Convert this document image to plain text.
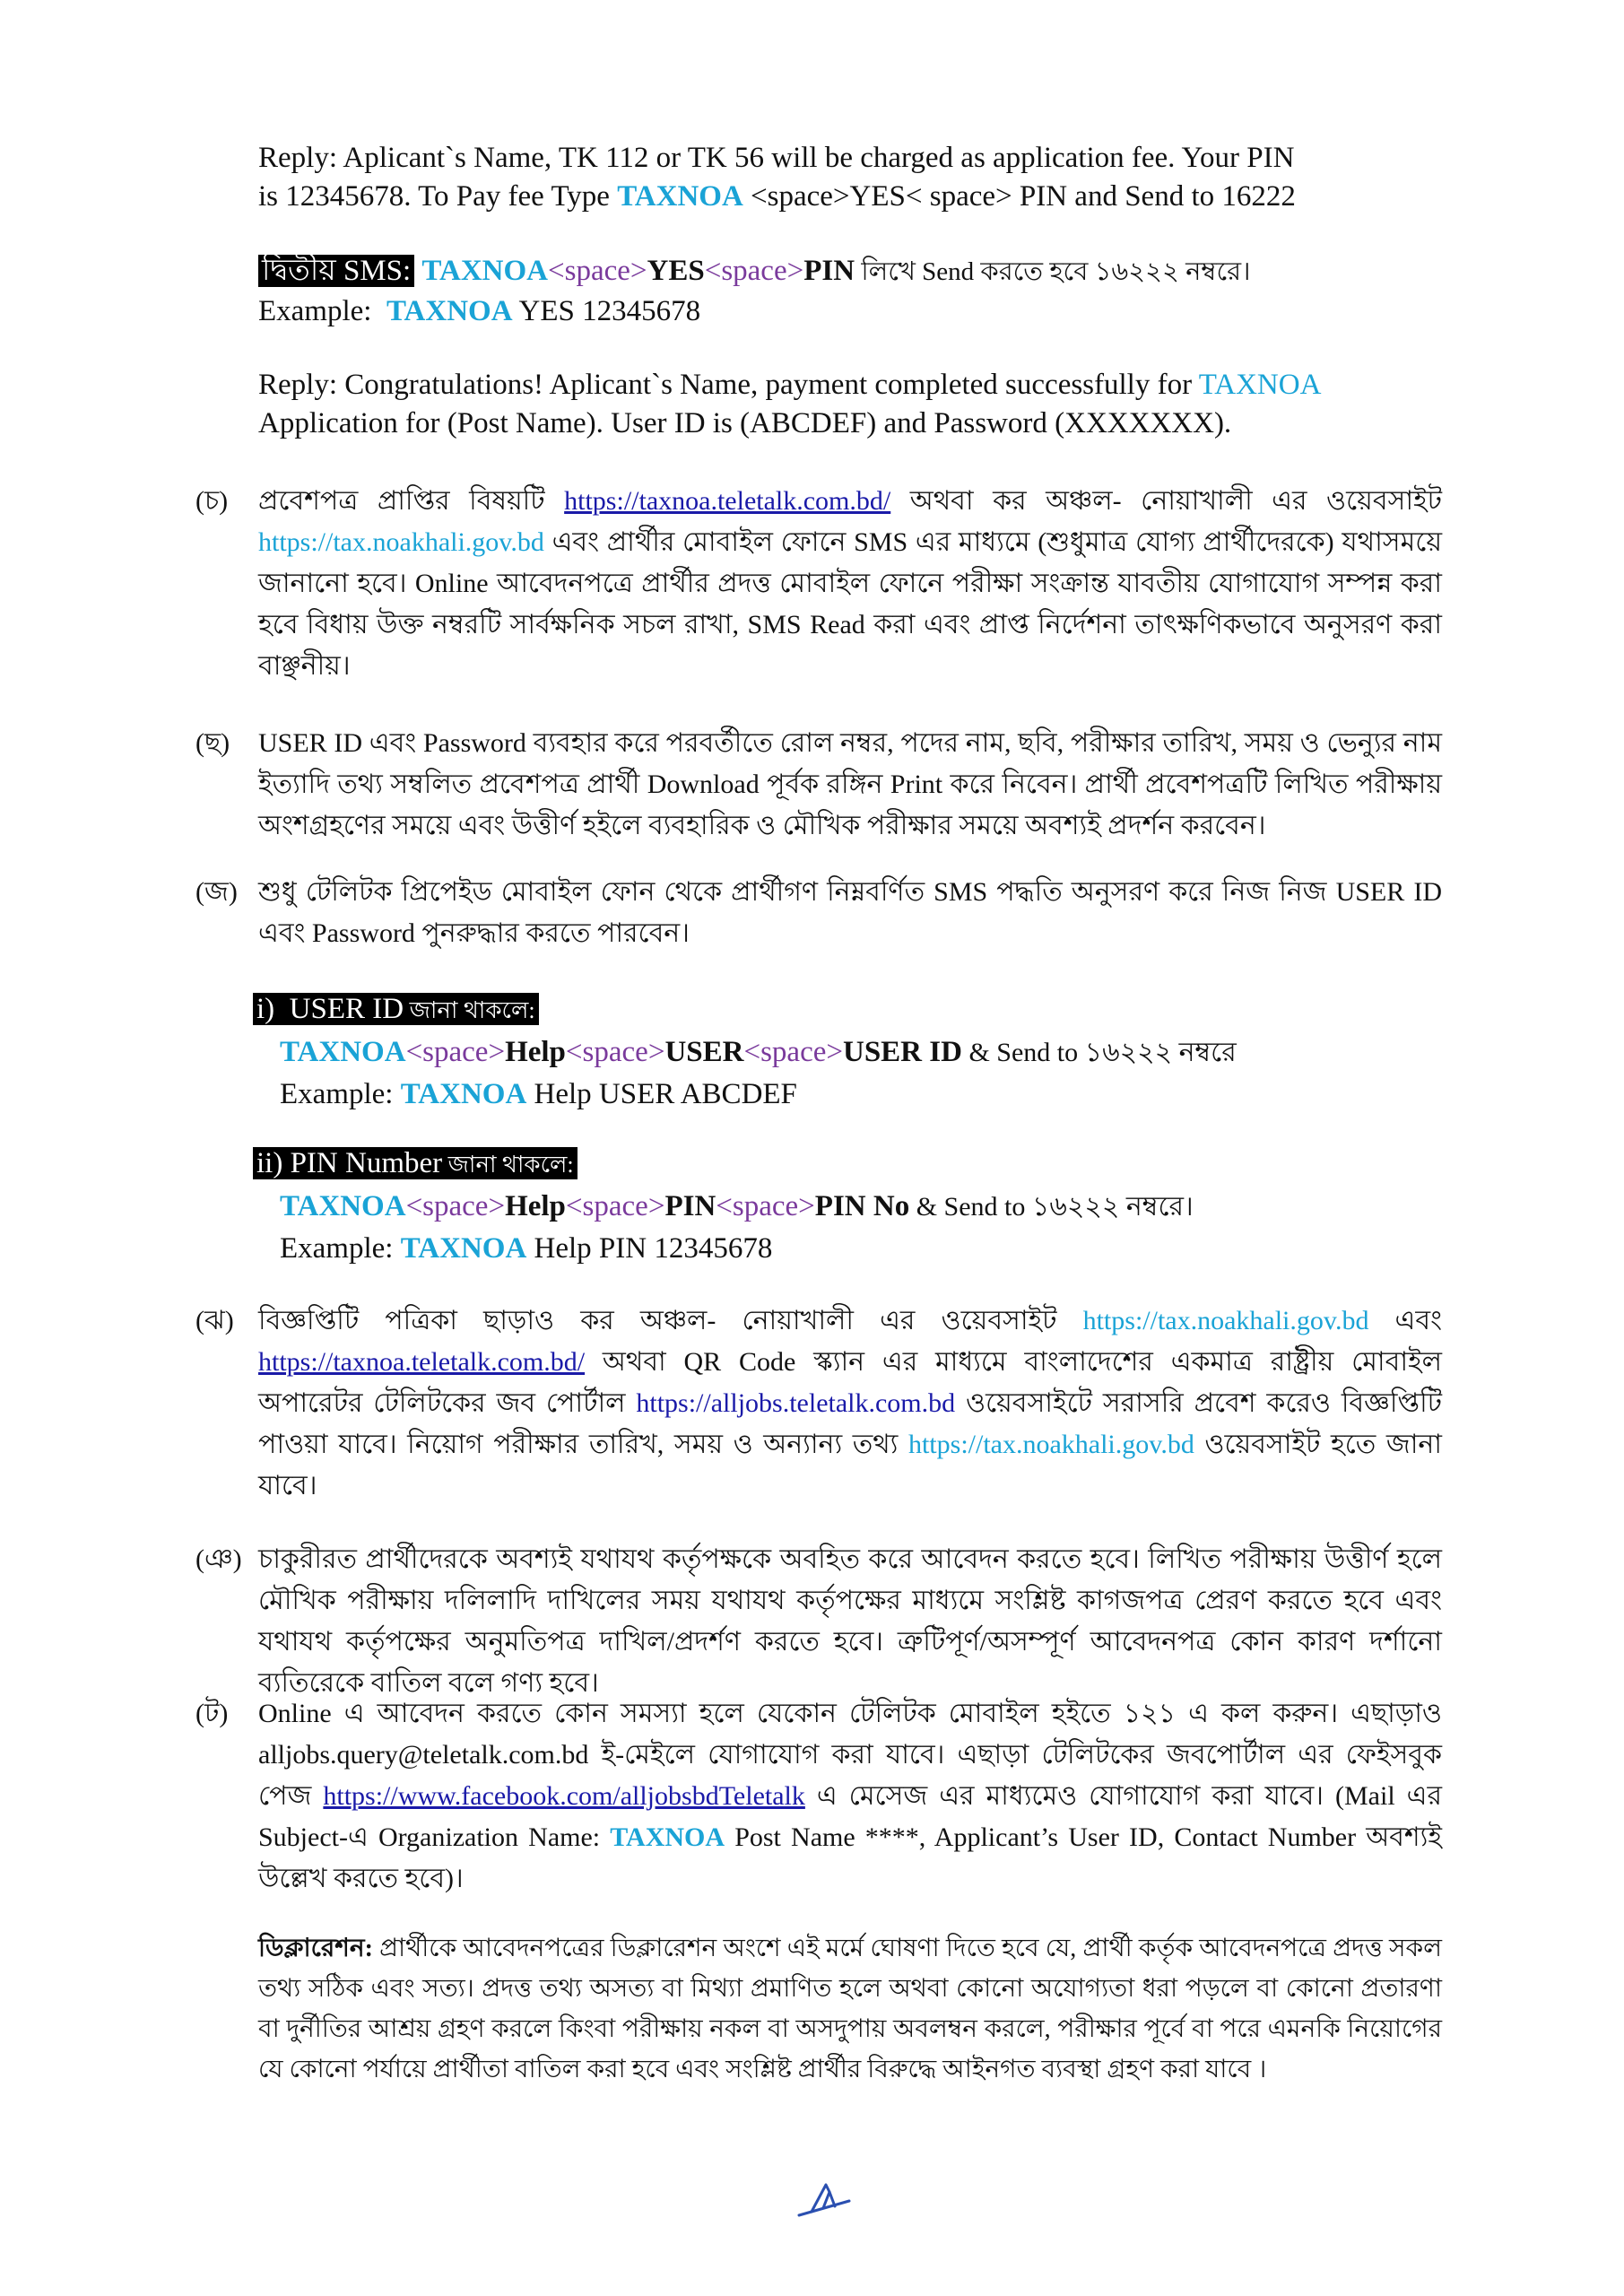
Reply: Aplicant`s Name, TK 112 or TK 56 will be charged as application fee. Your PIN
is 12345678. To Pay fee Type TAXNOA <space>YES< space> PIN and Send to 16222
দ্বিতীয় SMS: TAXNOA<space>YES<space>PIN লিখে Send করতে হবে ১৬২২২ নম্বরে।
Example:  TAXNOA YES 12345678
Reply: Congratulations! Aplicant`s Name, payment completed successfully for TAXNOA
Application for (Post Name). User ID is (ABCDEF) and Password (XXXXXXX).
(চ)	প্রবেশপত্র প্রাপ্তির বিষয়টি https://taxnoa.teletalk.com.bd/ অথবা কর অঞ্চল- নোয়াখালী এর ওয়েবসাইট https://tax.noakhali.gov.bd এবং প্রার্থীর মোবাইল ফোনে SMS এর মাধ্যমে (শুধুমাত্র যোগ্য প্রার্থীদেরকে) যথাসময়ে জানানো হবে। Online আবেদনপত্রে প্রার্থীর প্রদত্ত মোবাইল ফোনে পরীক্ষা সংক্রান্ত যাবতীয় যোগাযোগ সম্পন্ন করা হবে বিধায় উক্ত নম্বরটি সার্বক্ষনিক সচল রাখা, SMS Read করা এবং প্রাপ্ত নির্দেশনা তাৎক্ষণিকভাবে অনুসরণ করা বাঞ্ছনীয়।
(ছ)	USER ID এবং Password ব্যবহার করে পরবর্তীতে রোল নম্বর, পদের নাম, ছবি, পরীক্ষার তারিখ, সময় ও ভেন্যুর নাম ইত্যাদি তথ্য সম্বলিত প্রবেশপত্র প্রার্থী Download পূর্বক রঙ্গিন Print করে নিবেন। প্রার্থী প্রবেশপত্রটি লিখিত পরীক্ষায় অংশগ্রহণের সময়ে এবং উত্তীর্ণ হইলে ব্যবহারিক ও মৌখিক পরীক্ষার সময়ে অবশ্যই প্রদর্শন করবেন।
(জ) শুধু টেলিটক প্রিপেইড মোবাইল ফোন থেকে প্রার্থীগণ নিম্নবর্ণিত SMS পদ্ধতি অনুসরণ করে নিজ নিজ USER ID এবং Password পুনরুদ্ধার করতে পারবেন।
i)  USER ID জানা থাকলে:
TAXNOA<space>Help<space>USER<space>USER ID & Send to ১৬২২২ নম্বরে
Example: TAXNOA Help USER ABCDEF
ii) PIN Number জানা থাকলে:
TAXNOA<space>Help<space>PIN<space>PIN No & Send to ১৬২২২ নম্বরে।
Example: TAXNOA Help PIN 12345678
(ঝ) বিজ্ঞপ্তিটি পত্রিকা ছাড়াও কর অঞ্চল- নোয়াখালী এর ওয়েবসাইট https://tax.noakhali.gov.bd এবং https://taxnoa.teletalk.com.bd/ অথবা QR Code স্ক্যান এর মাধ্যমে বাংলাদেশের একমাত্র রাষ্ট্রীয় মোবাইল অপারেটর টেলিটকের জব পোর্টাল https://alljobs.teletalk.com.bd ওয়েবসাইটে সরাসরি প্রবেশ করেও বিজ্ঞপ্তিটি পাওয়া যাবে। নিয়োগ পরীক্ষার তারিখ, সময় ও অন্যান্য তথ্য https://tax.noakhali.gov.bd ওয়েবসাইট হতে জানা যাবে।
(ঞ) চাকুরীরত প্রার্থীদেরকে অবশ্যই যথাযথ কর্তৃপক্ষকে অবহিত করে আবেদন করতে হবে। লিখিত পরীক্ষায় উত্তীর্ণ হলে মৌখিক পরীক্ষায় দলিলাদি দাখিলের সময় যথাযথ কর্তৃপক্ষের মাধ্যমে সংশ্লিষ্ট কাগজপত্র প্রেরণ করতে হবে এবং যথাযথ কর্তৃপক্ষের অনুমতিপত্র দাখিল/প্রদর্শণ করতে হবে। ত্রুটিপূর্ণ/অসম্পূর্ণ আবেদনপত্র কোন কারণ দর্শানো ব্যতিরেকে বাতিল বলে গণ্য হবে।
(ট)	Online এ আবেদন করতে কোন সমস্যা হলে যেকোন টেলিটক মোবাইল হইতে ১২১ এ কল করুন। এছাড়াও alljobs.query@teletalk.com.bd ই-মেইলে যোগাযোগ করা যাবে। এছাড়া টেলিটকের জবপোর্টাল এর ফেইসবুক পেজ https://www.facebook.com/alljobsbdTeletalk এ মেসেজ এর মাধ্যমেও যোগাযোগ করা যাবে। (Mail এর Subject-এ Organization Name: TAXNOA Post Name ****, Applicant’s User ID, Contact Number অবশ্যই উল্লেখ করতে হবে)।
ডিক্লারেশন: প্রার্থীকে আবেদনপত্রের ডিক্লারেশন অংশে এই মর্মে ঘোষণা দিতে হবে যে, প্রার্থী কর্তৃক আবেদনপত্রে প্রদত্ত সকল তথ্য সঠিক এবং সত্য। প্রদত্ত তথ্য অসত্য বা মিথ্যা প্রমাণিত হলে অথবা কোনো অযোগ্যতা ধরা পড়লে বা কোনো প্রতারণা বা দুর্নীতির আশ্রয় গ্রহণ করলে কিংবা পরীক্ষায় নকল বা অসদুপায় অবলম্বন করলে, পরীক্ষার পূর্বে বা পরে এমনকি নিয়োগের যে কোনো পর্যায়ে প্রার্থীতা বাতিল করা হবে এবং সংশ্লিষ্ট প্রার্থীর বিরুদ্ধে আইনগত ব্যবস্থা গ্রহণ করা যাবে ।
